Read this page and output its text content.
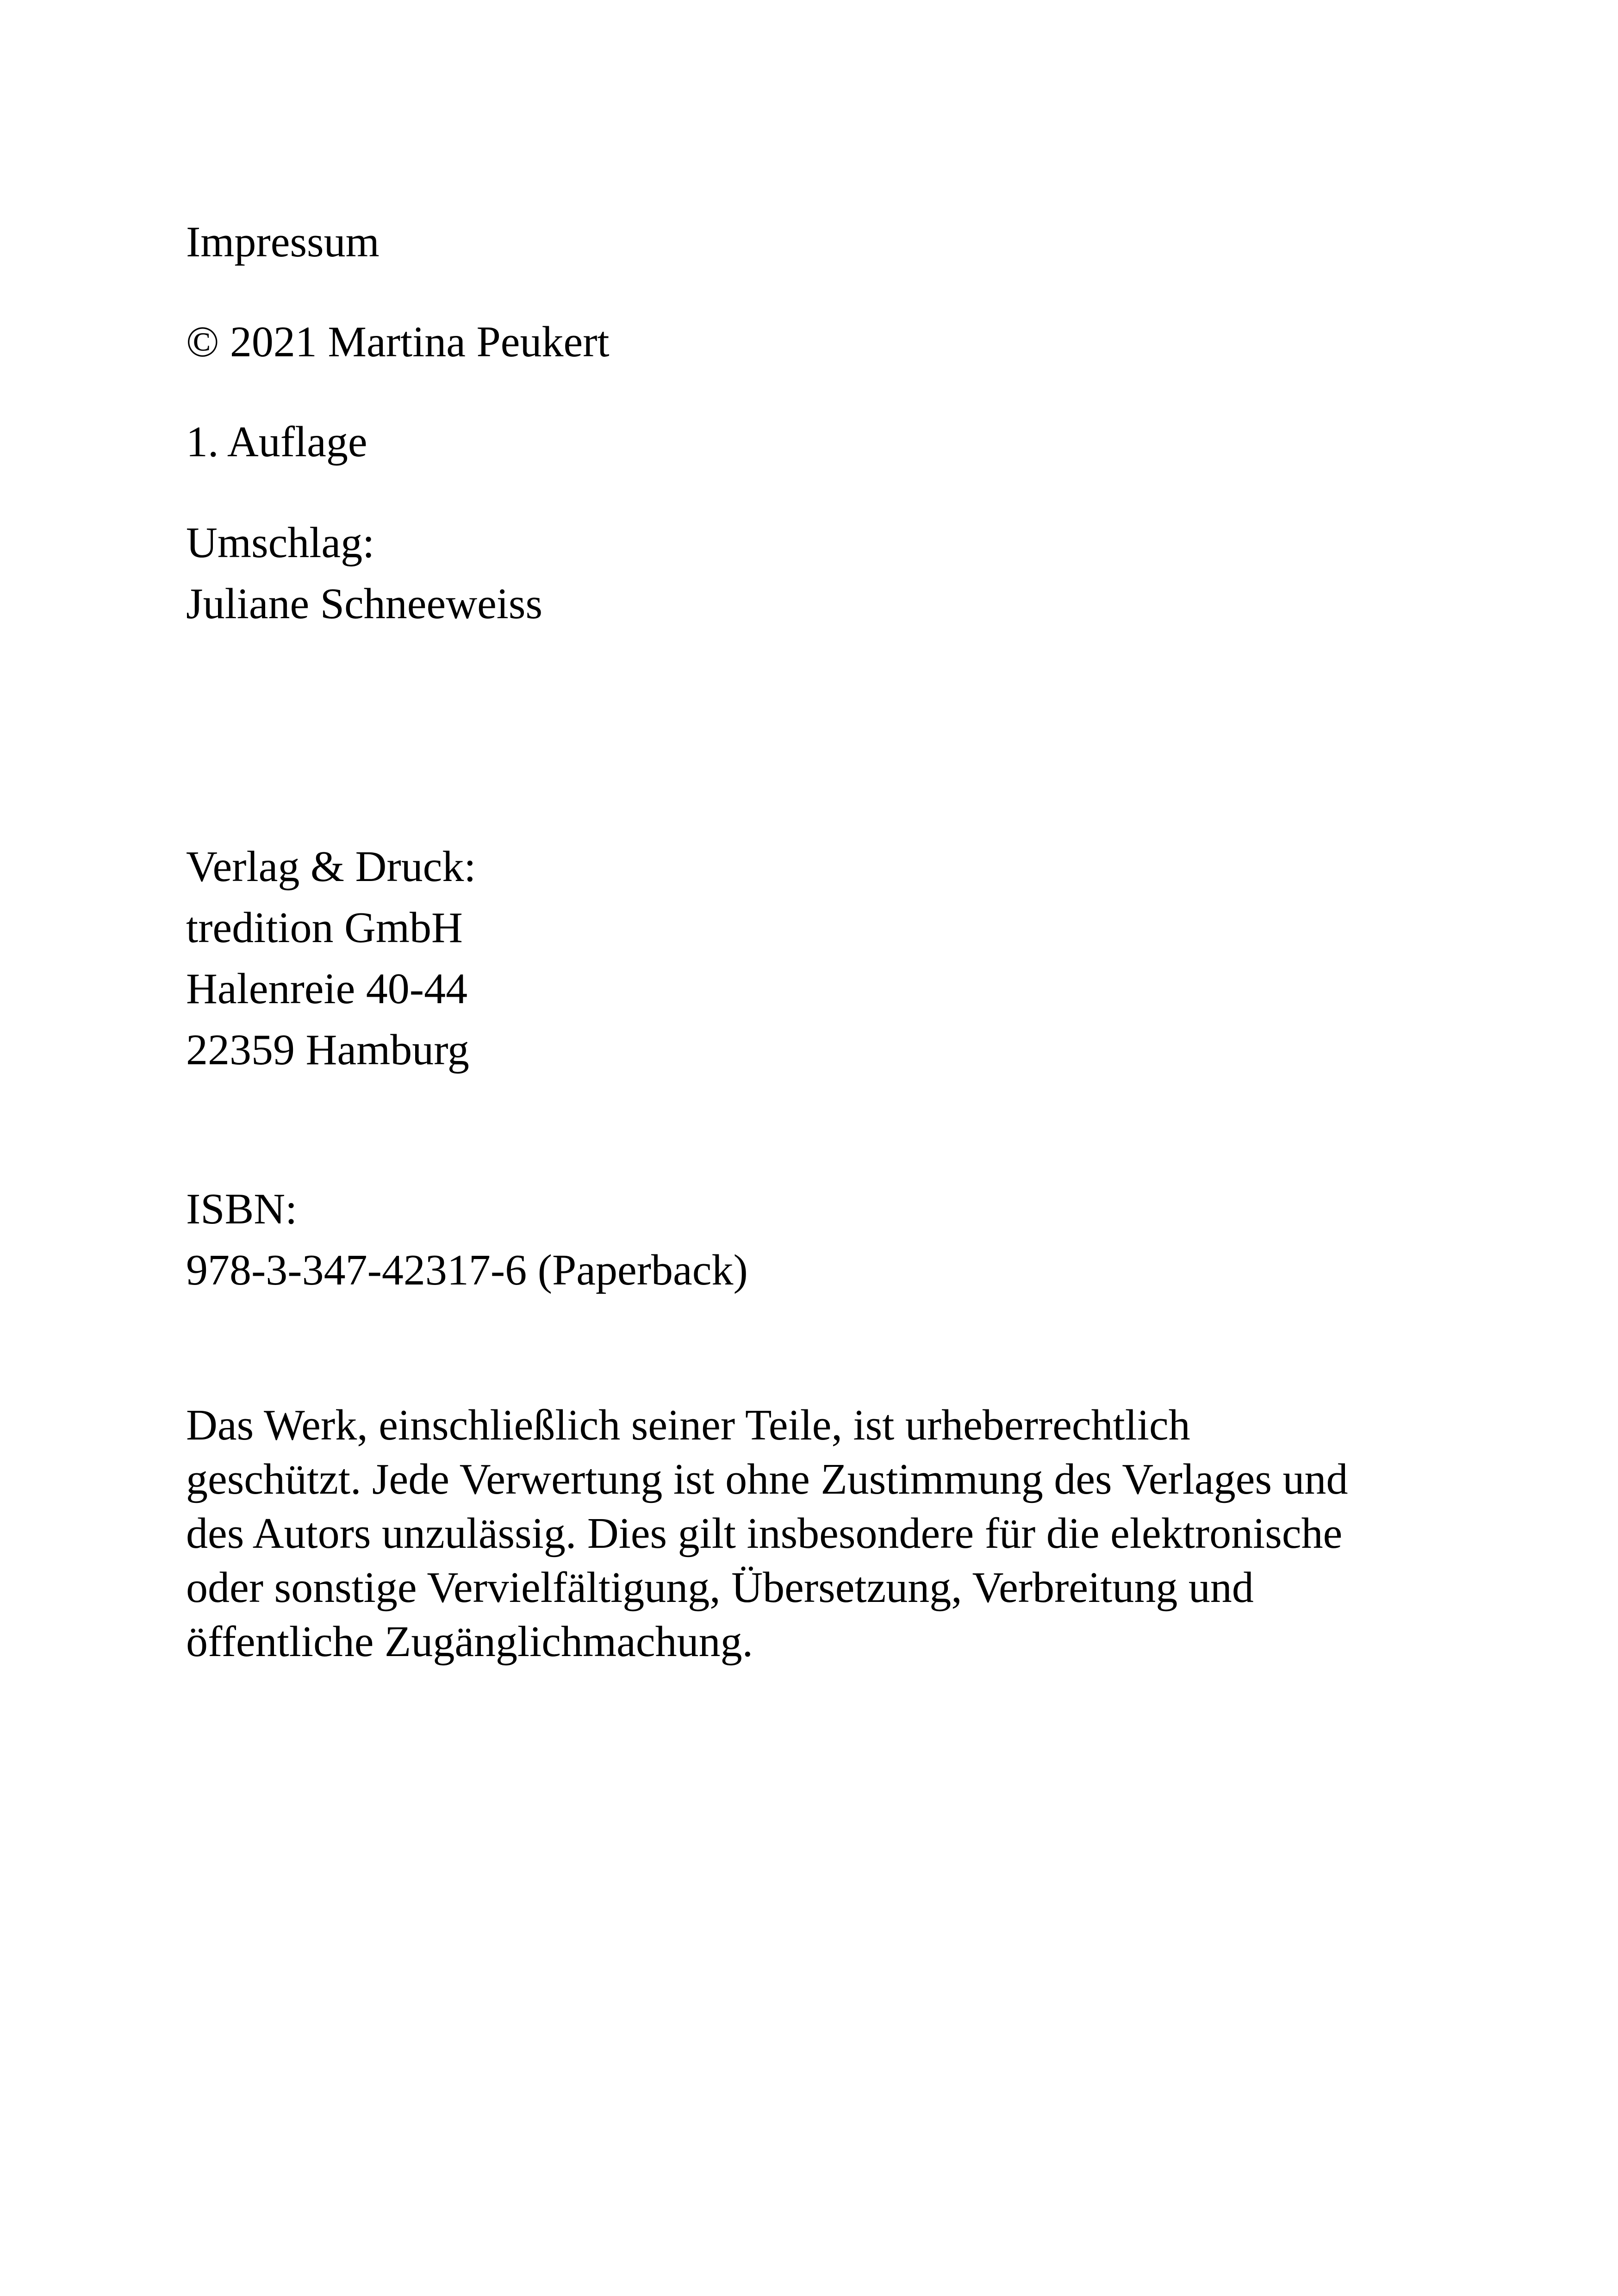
Impressum

© 2021 Martina Peukert

1. Auflage

Umschlag:

Juliane Schneeweiss

Verlag & Druck:

tredition GmbH

Halenreie 40-44

22359 Hamburg

ISBN:

978-3-347-42317-6 (Paperback)

Das Werk, einschließlich seiner Teile, ist urheberrechtlich
geschützt. Jede Verwertung ist ohne Zustimmung des Verlages und
des Autors unzulässig. Dies gilt insbesondere für die elektronische
oder sonstige Vervielfältigung, Übersetzung, Verbreitung und
öffentliche Zugänglichmachung.
